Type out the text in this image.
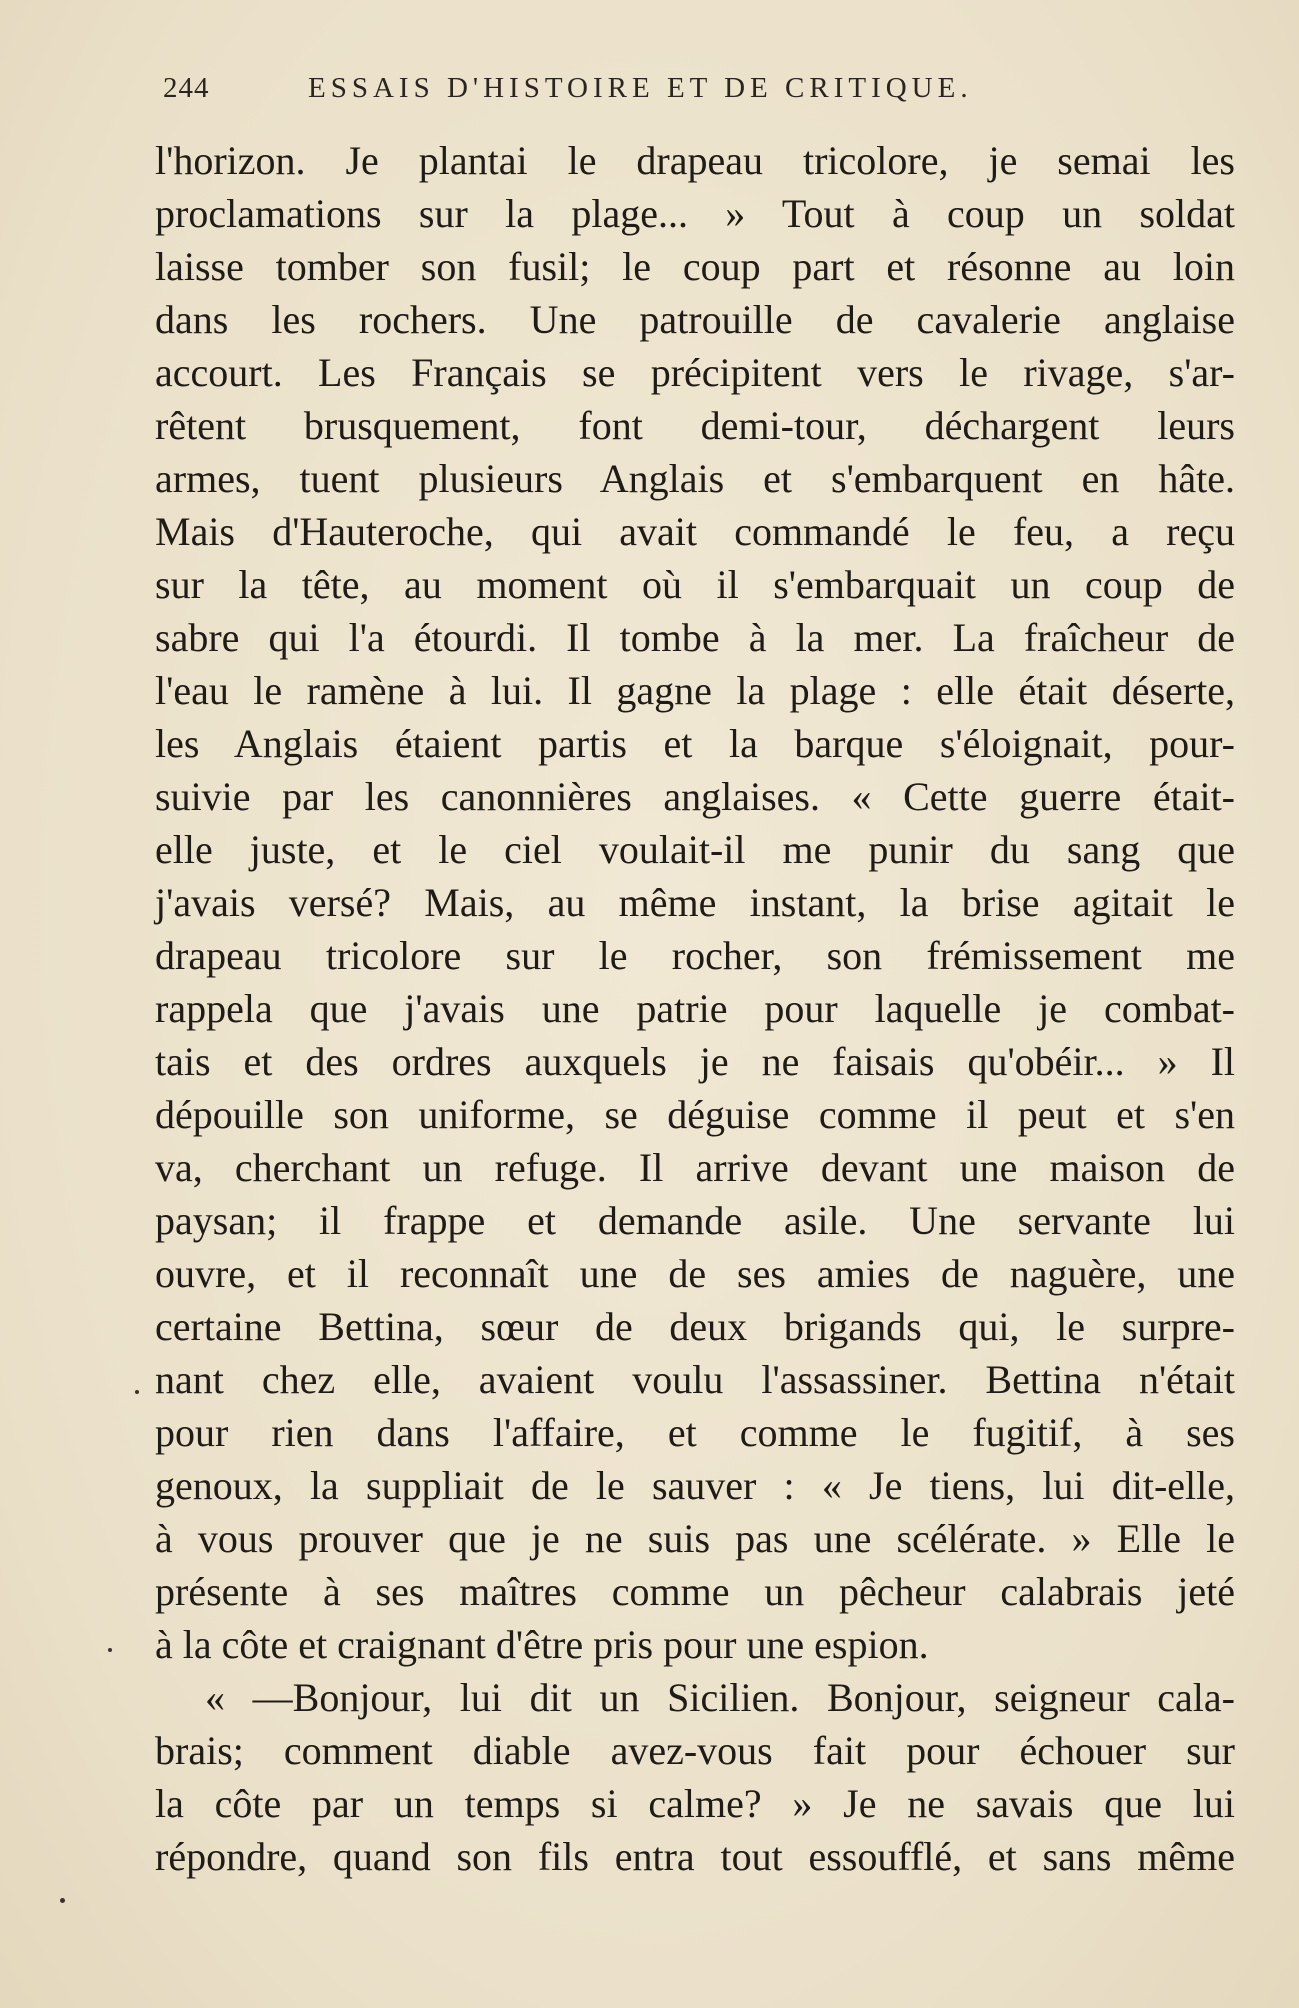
244	ESSAIS D'HISTOIRE ET DE CRITIQUE.
l'horizon. Je plantai le drapeau tricolore, je semai les
proclamations sur la plage... » Tout à coup un soldat
laisse tomber son fusil; le coup part et résonne au loin
dans les rochers. Une patrouille de cavalerie anglaise
accourt. Les Français se précipitent vers le rivage, s'ar-
rêtent brusquement, font demi-tour, déchargent leurs
armes, tuent plusieurs Anglais et s'embarquent en hâte.
Mais d'Hauteroche, qui avait commandé le feu, a reçu
sur la tête, au moment où il s'embarquait un coup de
sabre qui l'a étourdi. Il tombe à la mer. La fraîcheur de
l'eau le ramène à lui. Il gagne la plage : elle était déserte,
les Anglais étaient partis et la barque s'éloignait, pour-
suivie par les canonnières anglaises. « Cette guerre était-
elle juste, et le ciel voulait-il me punir du sang que
j'avais versé? Mais, au même instant, la brise agitait le
drapeau tricolore sur le rocher, son frémissement me
rappela que j'avais une patrie pour laquelle je combat-
tais et des ordres auxquels je ne faisais qu'obéir... » Il
dépouille son uniforme, se déguise comme il peut et s'en
va, cherchant un refuge. Il arrive devant une maison de
paysan; il frappe et demande asile. Une servante lui
ouvre, et il reconnaît une de ses amies de naguère, une
certaine Bettina, sœur de deux brigands qui, le surpre-
nant chez elle, avaient voulu l'assassiner. Bettina n'était
pour rien dans l'affaire, et comme le fugitif, à ses
genoux, la suppliait de le sauver : « Je tiens, lui dit-elle,
à vous prouver que je ne suis pas une scélérate. » Elle le
présente à ses maîtres comme un pêcheur calabrais jeté
à la côte et craignant d'être pris pour une espion.
« —Bonjour, lui dit un Sicilien. Bonjour, seigneur cala-
brais; comment diable avez-vous fait pour échouer sur
la côte par un temps si calme? » Je ne savais que lui
répondre, quand son fils entra tout essoufflé, et sans même
